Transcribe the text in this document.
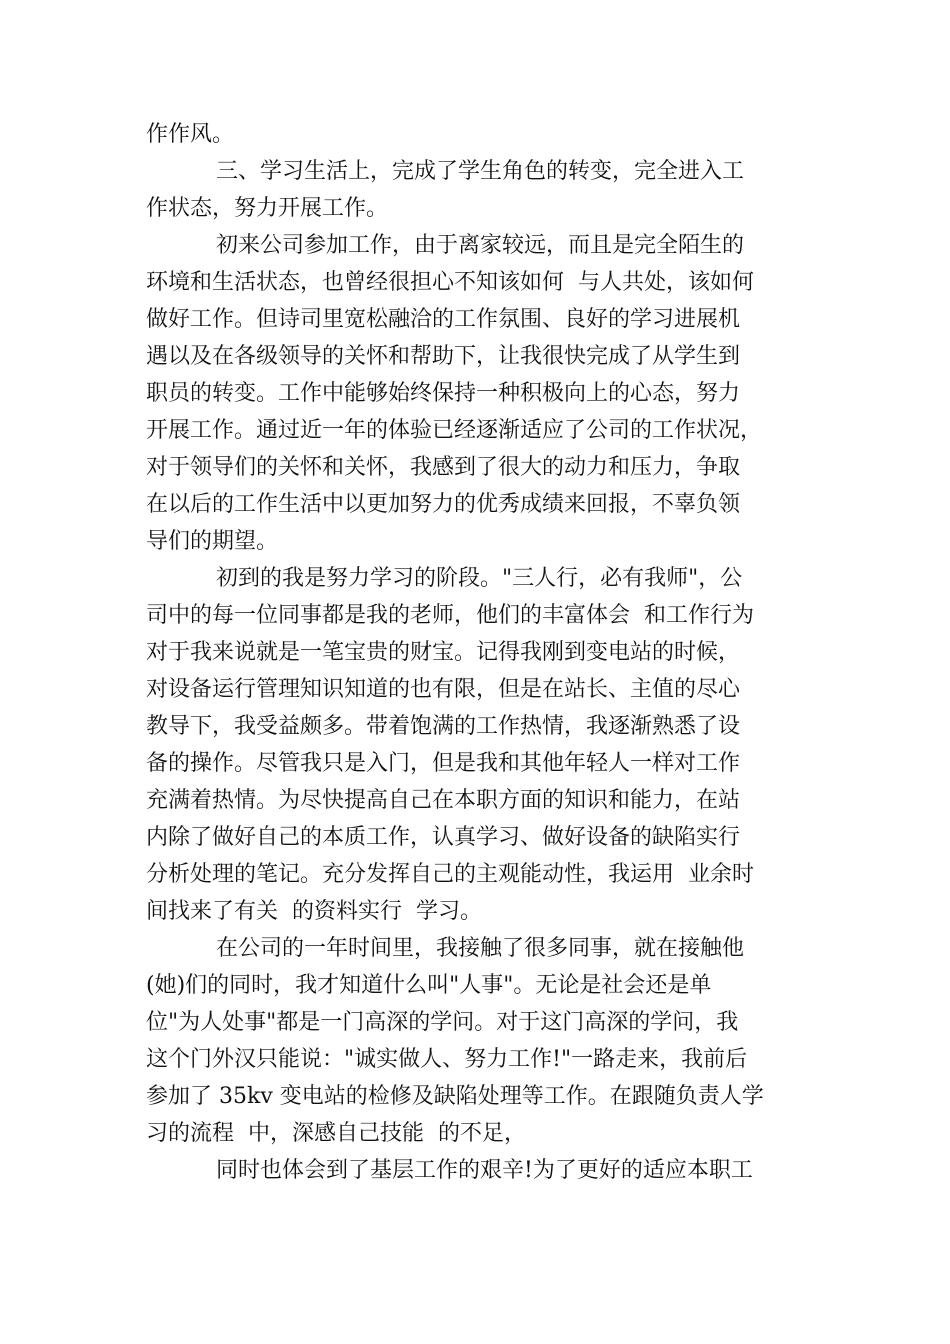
作作风。
三、学习生活上，完成了学生角色的转变，完全进入工
作状态，努力开展工作。
初来公司参加工作，由于离家较远，而且是完全陌生的
环境和生活状态，也曾经很担心不知该如何  与人共处，该如何
做好工作。但诗司里宽松融洽的工作氛围、良好的学习进展机
遇以及在各级领导的关怀和帮助下，让我很快完成了从学生到
职员的转变。工作中能够始终保持一种积极向上的心态，努力
开展工作。通过近一年的体验已经逐渐适应了公司的工作状况，
对于领导们的关怀和关怀，我感到了很大的动力和压力，争取
在以后的工作生活中以更加努力的优秀成绩来回报，不辜负领
导们的期望。
初到的我是努力学习的阶段。"三人行，必有我师"，公
司中的每一位同事都是我的老师，他们的丰富体会  和工作行为
对于我来说就是一笔宝贵的财宝。记得我刚到变电站的时候，
对设备运行管理知识知道的也有限，但是在站长、主值的尽心
教导下，我受益颇多。带着饱满的工作热情，我逐渐熟悉了设
备的操作。尽管我只是入门，但是我和其他年轻人一样对工作
充满着热情。为尽快提高自己在本职方面的知识和能力，在站
内除了做好自己的本质工作，认真学习、做好设备的缺陷实行
分析处理的笔记。充分发挥自己的主观能动性，我运用  业余时
间找来了有关  的资料实行  学习。
在公司的一年时间里，我接触了很多同事，就在接触他
(她)们的同时，我才知道什么叫"人事"。无论是社会还是单
位"为人处事"都是一门高深的学问。对于这门高深的学问，我
这个门外汉只能说："诚实做人、努力工作!"一路走来，我前后
参加了 35kv 变电站的检修及缺陷处理等工作。在跟随负责人学
习的流程  中，深感自己技能  的不足，
同时也体会到了基层工作的艰辛!为了更好的适应本职工
